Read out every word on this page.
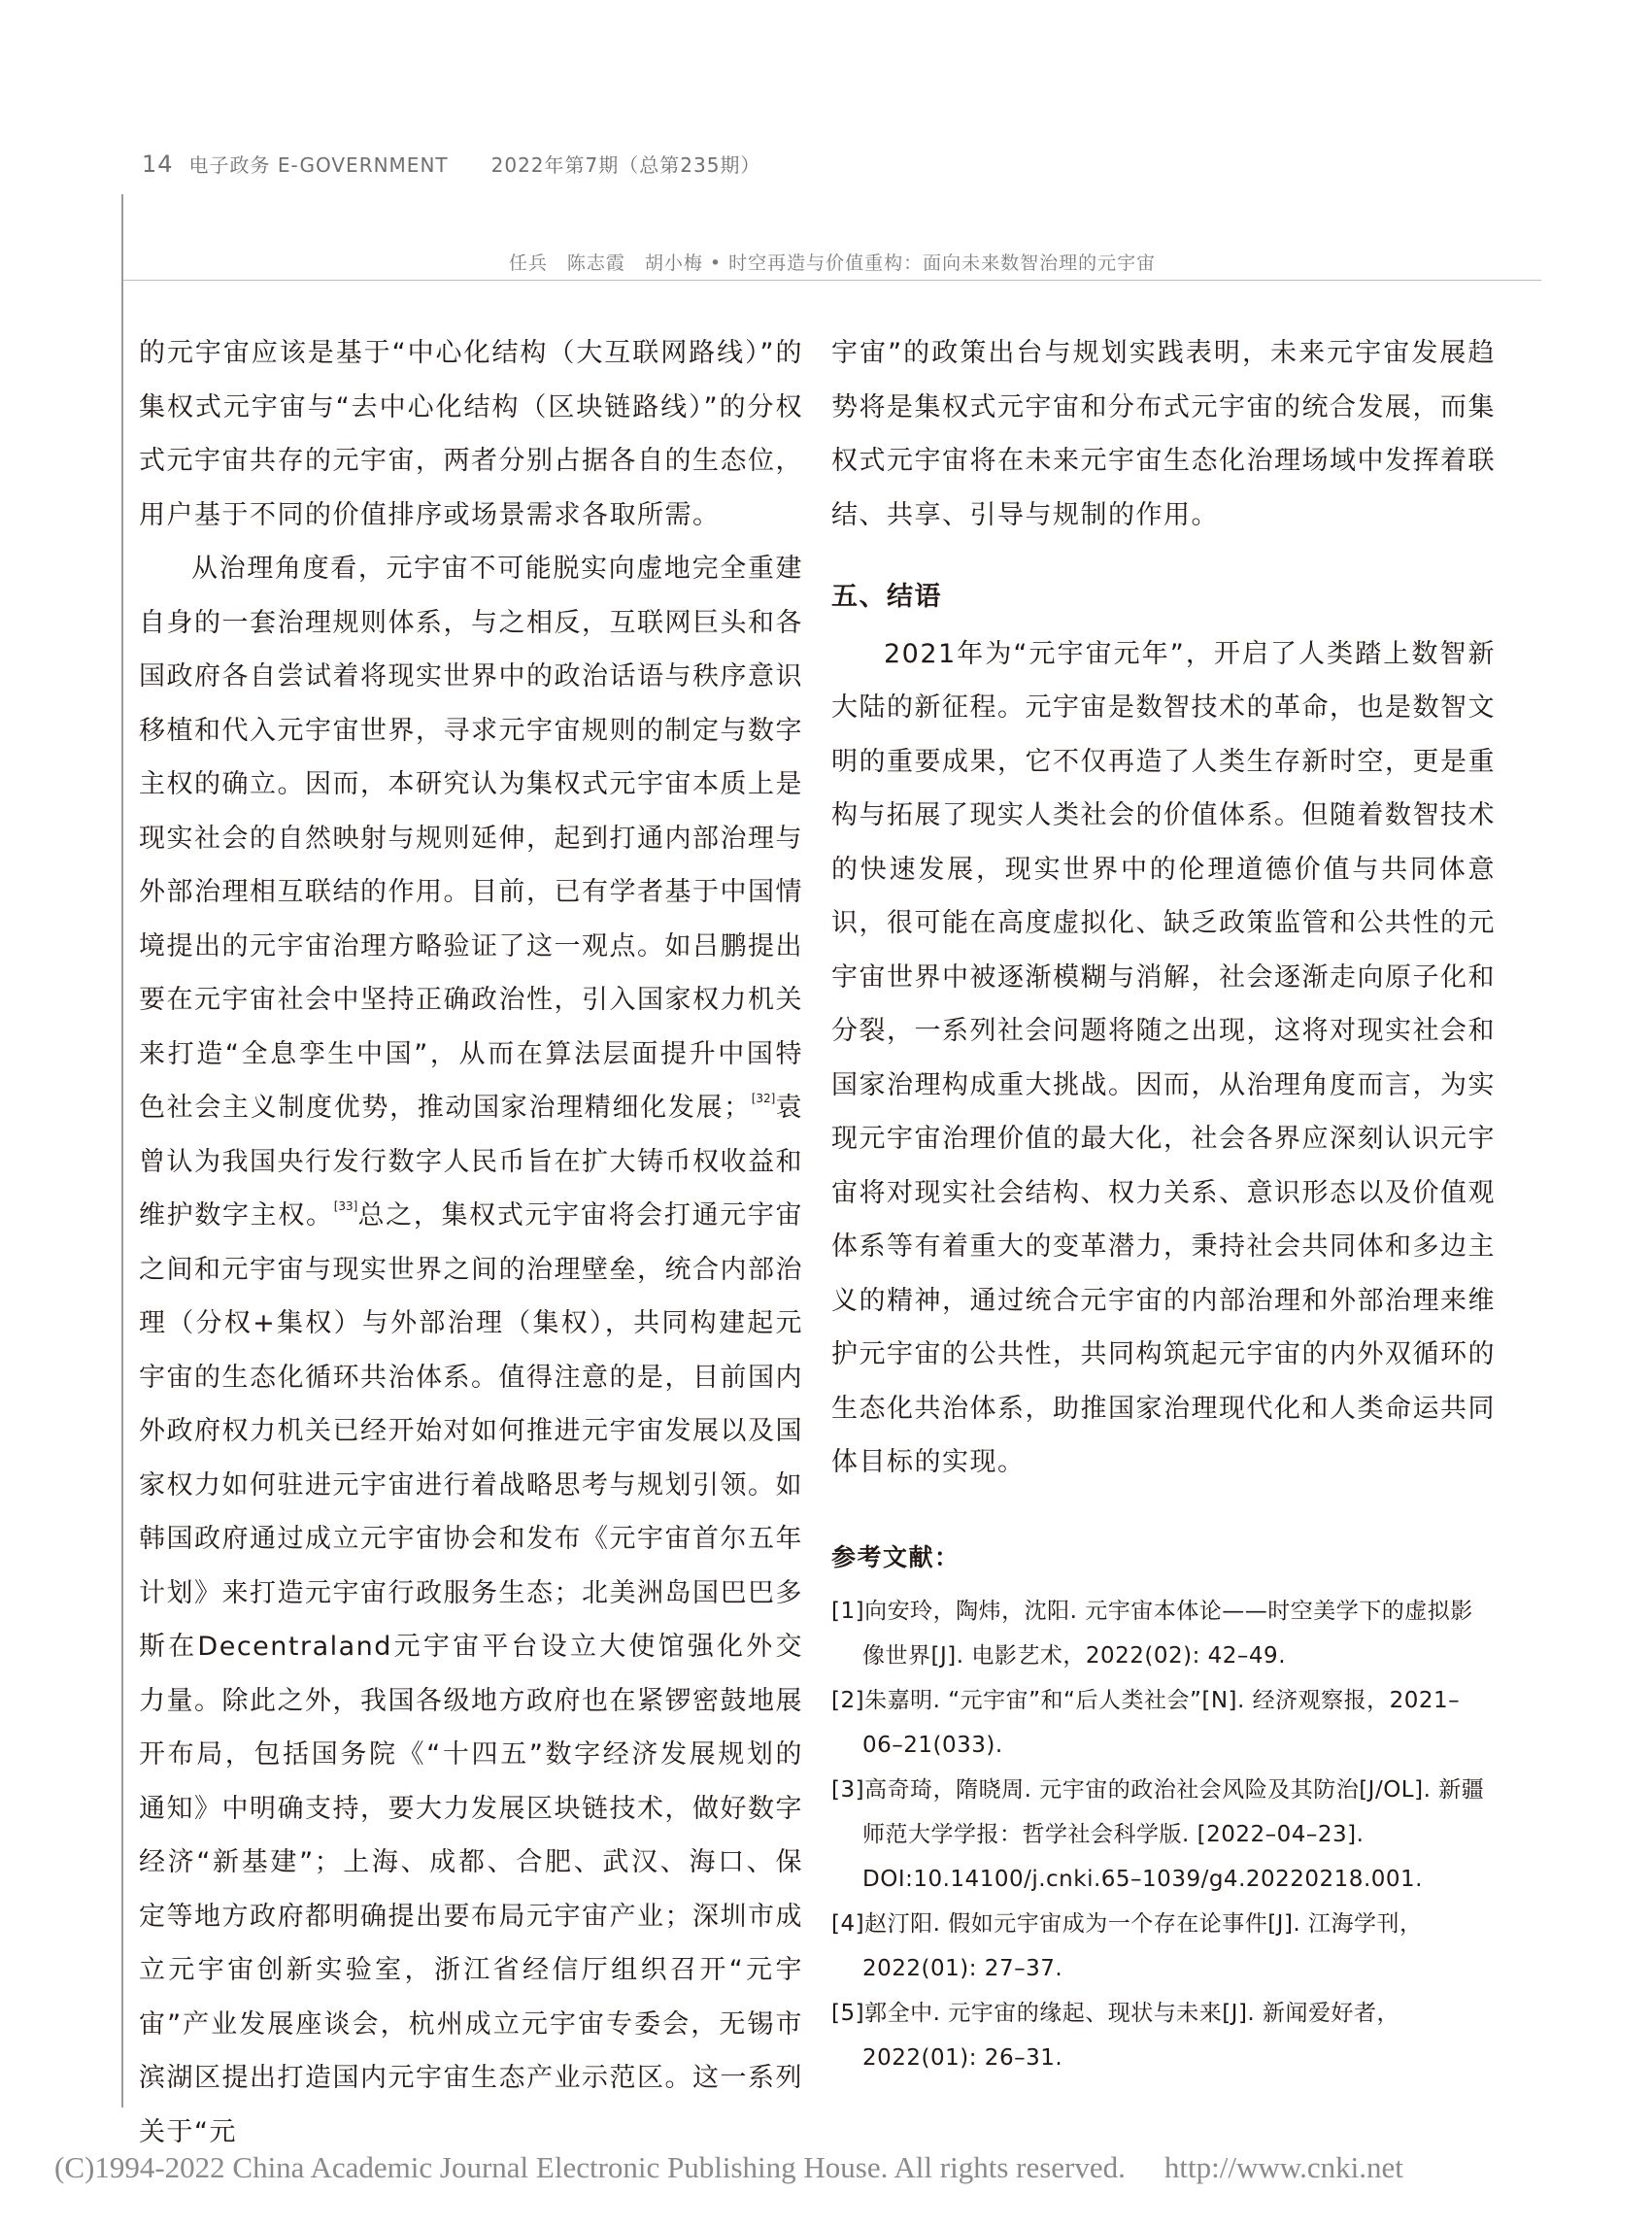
14 电子政务 E-GOVERNMENT 2022年第7期（总第235期）
任兵　陈志霞　胡小梅 • 时空再造与价值重构：面向未来数智治理的元宇宙

的元宇宙应该是基于“中心化结构（大互联网路线）”的集权式元宇宙与“去中心化结构（区块链路线）”的分权式元宇宙共存的元宇宙，两者分别占据各自的生态位，用户基于不同的价值排序或场景需求各取所需。

从治理角度看，元宇宙不可能脱实向虚地完全重建自身的一套治理规则体系，与之相反，互联网巨头和各国政府各自尝试着将现实世界中的政治话语与秩序意识移植和代入元宇宙世界，寻求元宇宙规则的制定与数字主权的确立。因而，本研究认为集权式元宇宙本质上是现实社会的自然映射与规则延伸，起到打通内部治理与外部治理相互联结的作用。目前，已有学者基于中国情境提出的元宇宙治理方略验证了这一观点。如吕鹏提出要在元宇宙社会中坚持正确政治性，引入国家权力机关来打造“全息孪生中国”，从而在算法层面提升中国特色社会主义制度优势，推动国家治理精细化发展；[32]袁曾认为我国央行发行数字人民币旨在扩大铸币权收益和维护数字主权。[33]总之，集权式元宇宙将会打通元宇宙之间和元宇宙与现实世界之间的治理壁垒，统合内部治理（分权+集权）与外部治理（集权），共同构建起元宇宙的生态化循环共治体系。值得注意的是，目前国内外政府权力机关已经开始对如何推进元宇宙发展以及国家权力如何驻进元宇宙进行着战略思考与规划引领。如韩国政府通过成立元宇宙协会和发布《元宇宙首尔五年计划》来打造元宇宙行政服务生态；北美洲岛国巴巴多斯在Decentraland元宇宙平台设立大使馆强化外交力量。除此之外，我国各级地方政府也在紧锣密鼓地展开布局，包括国务院《“十四五”数字经济发展规划的通知》中明确支持，要大力发展区块链技术，做好数字经济“新基建”；上海、成都、合肥、武汉、海口、保定等地方政府都明确提出要布局元宇宙产业；深圳市成立元宇宙创新实验室，浙江省经信厅组织召开“元宇宙”产业发展座谈会，杭州成立元宇宙专委会，无锡市滨湖区提出打造国内元宇宙生态产业示范区。这一系列关于“元

宇宙”的政策出台与规划实践表明，未来元宇宙发展趋势将是集权式元宇宙和分布式元宇宙的统合发展，而集权式元宇宙将在未来元宇宙生态化治理场域中发挥着联结、共享、引导与规制的作用。

五、结语

2021年为“元宇宙元年”，开启了人类踏上数智新大陆的新征程。元宇宙是数智技术的革命，也是数智文明的重要成果，它不仅再造了人类生存新时空，更是重构与拓展了现实人类社会的价值体系。但随着数智技术的快速发展，现实世界中的伦理道德价值与共同体意识，很可能在高度虚拟化、缺乏政策监管和公共性的元宇宙世界中被逐渐模糊与消解，社会逐渐走向原子化和分裂，一系列社会问题将随之出现，这将对现实社会和国家治理构成重大挑战。因而，从治理角度而言，为实现元宇宙治理价值的最大化，社会各界应深刻认识元宇宙将对现实社会结构、权力关系、意识形态以及价值观体系等有着重大的变革潜力，秉持社会共同体和多边主义的精神，通过统合元宇宙的内部治理和外部治理来维护元宇宙的公共性，共同构筑起元宇宙的内外双循环的生态化共治体系，助推国家治理现代化和人类命运共同体目标的实现。

参考文献：
[1]向安玲，陶炜，沈阳. 元宇宙本体论——时空美学下的虚拟影像世界[J]. 电影艺术，2022(02): 42–49.
[2]朱嘉明. “元宇宙”和“后人类社会”[N]. 经济观察报，2021–06–21(033).
[3]高奇琦，隋晓周. 元宇宙的政治社会风险及其防治[J/OL]. 新疆师范大学学报：哲学社会科学版. [2022–04–23]. DOI:10.14100/j.cnki.65–1039/g4.20220218.001.
[4]赵汀阳. 假如元宇宙成为一个存在论事件[J]. 江海学刊，2022(01): 27–37.
[5]郭全中. 元宇宙的缘起、现状与未来[J]. 新闻爱好者，2022(01): 26–31.
(C)1994-2022 China Academic Journal Electronic Publishing House. All rights reserved. http://www.cnki.net
